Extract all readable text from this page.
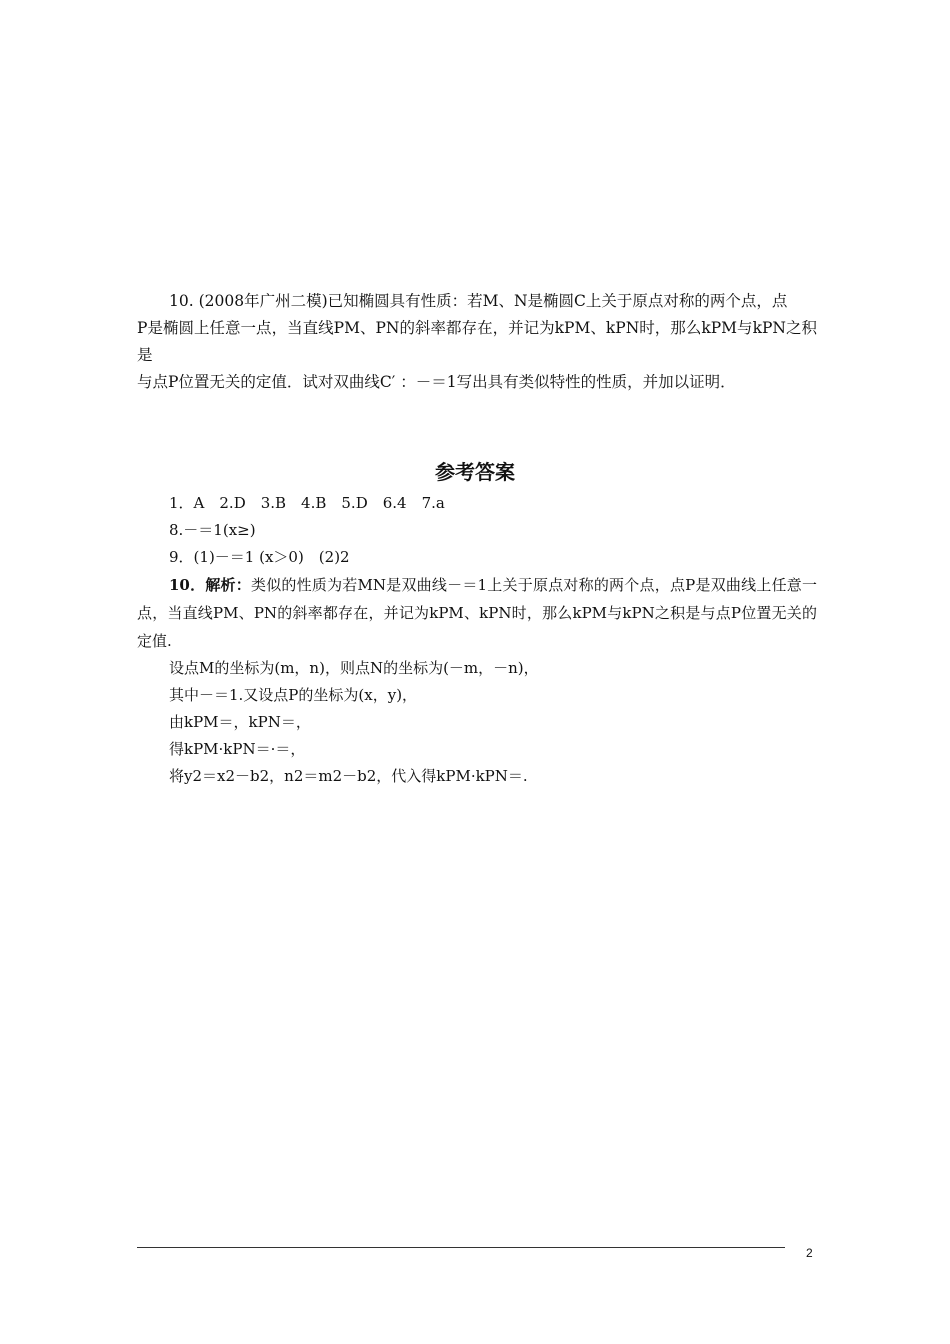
10. (2008年广州二模)已知椭圆具有性质：若M、N是椭圆C上关于原点对称的两个点，点

P是椭圆上任意一点，当直线PM、PN的斜率都存在，并记为kPM、kPN时，那么kPM与kPN之积是

与点P位置无关的定值．试对双曲线C′ ：－＝1写出具有类似特性的性质，并加以证明．

参考答案

1．A　2.D　3.B　4.B　5.D　6.4　7.a

8.－＝1(x≥)

9．(1)－＝1 (x＞0)　(2)2

10．解析：类似的性质为若MN是双曲线－＝1上关于原点对称的两个点，点P是双曲线上任意一点，当直线PM、PN的斜率都存在，并记为kPM、kPN时，那么kPM与kPN之积是与点P位置无关的定值.

设点M的坐标为(m，n)，则点N的坐标为(－m，－n)，

其中－＝1.又设点P的坐标为(x，y)，

由kPM＝，kPN＝，

得kPM·kPN＝·＝，

将y2＝x2－b2，n2＝m2－b2，代入得kPM·kPN＝.

2
